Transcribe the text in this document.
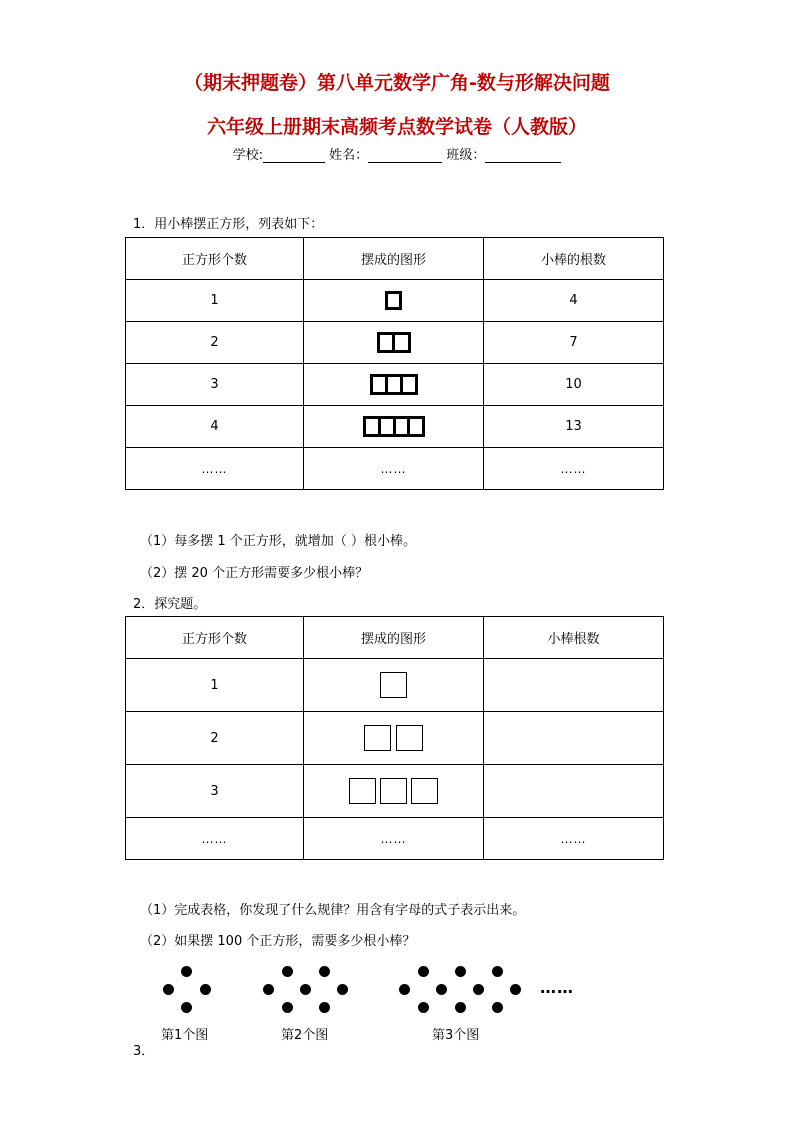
（期末押题卷）第八单元数学广角-数与形解决问题
六年级上册期末高频考点数学试卷（人教版）
学校:	姓名：	班级：
1．用小棒摆正方形，列表如下：
正方形个数	摆成的图形	小棒的根数
1		4
2		7
3		10
4		13
……	……	……
（1）每多摆 1 个正方形，就增加（ ）根小棒。
（2）摆 20 个正方形需要多少根小棒？
2．探究题。
正方形个数	摆成的图形	小棒根数
1		
2		
3		
……	……	……
（1）完成表格，你发现了什么规律？用含有字母的式子表示出来。
（2）如果摆 100 个正方形，需要多少根小棒？
……
第1个图	第2个图	第3个图
3．
